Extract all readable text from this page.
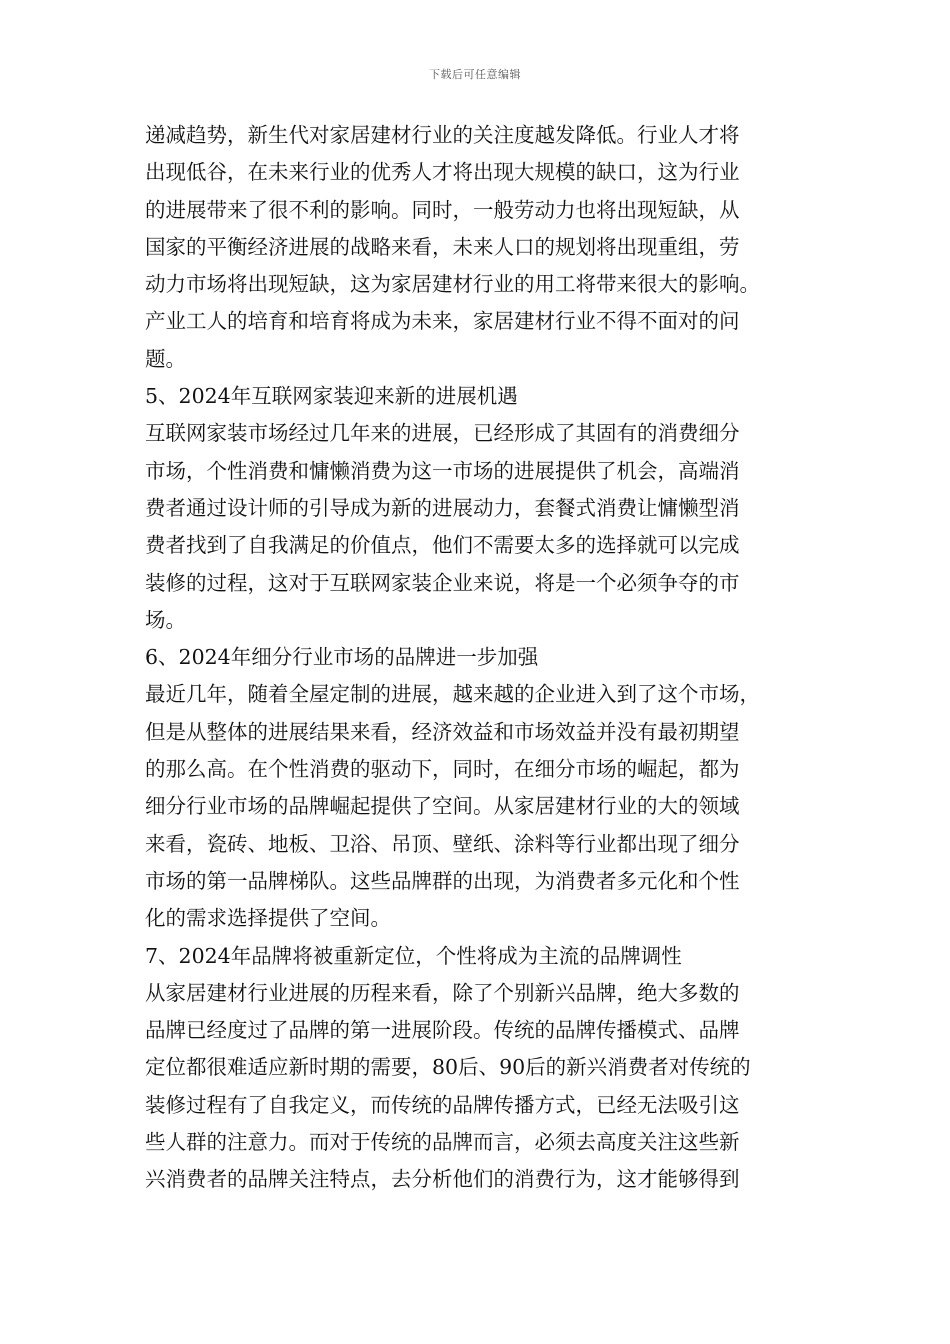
下载后可任意编辑
递减趋势，新生代对家居建材行业的关注度越发降低。行业人才将
出现低谷，在未来行业的优秀人才将出现大规模的缺口，这为行业
的进展带来了很不利的影响。同时，一般劳动力也将出现短缺，从
国家的平衡经济进展的战略来看，未来人口的规划将出现重组，劳
动力市场将出现短缺，这为家居建材行业的用工将带来很大的影响。
产业工人的培育和培育将成为未来，家居建材行业不得不面对的问
题。
5、2024年互联网家装迎来新的进展机遇
互联网家装市场经过几年来的进展，已经形成了其固有的消费细分
市场，个性消费和慵懒消费为这一市场的进展提供了机会，高端消
费者通过设计师的引导成为新的进展动力，套餐式消费让慵懒型消
费者找到了自我满足的价值点，他们不需要太多的选择就可以完成
装修的过程，这对于互联网家装企业来说，将是一个必须争夺的市
场。
6、2024年细分行业市场的品牌进一步加强
最近几年，随着全屋定制的进展，越来越的企业进入到了这个市场，
但是从整体的进展结果来看，经济效益和市场效益并没有最初期望
的那么高。在个性消费的驱动下，同时，在细分市场的崛起，都为
细分行业市场的品牌崛起提供了空间。从家居建材行业的大的领域
来看，瓷砖、地板、卫浴、吊顶、壁纸、涂料等行业都出现了细分
市场的第一品牌梯队。这些品牌群的出现，为消费者多元化和个性
化的需求选择提供了空间。
7、2024年品牌将被重新定位，个性将成为主流的品牌调性
从家居建材行业进展的历程来看，除了个别新兴品牌，绝大多数的
品牌已经度过了品牌的第一进展阶段。传统的品牌传播模式、品牌
定位都很难适应新时期的需要，80后、90后的新兴消费者对传统的
装修过程有了自我定义，而传统的品牌传播方式，已经无法吸引这
些人群的注意力。而对于传统的品牌而言，必须去高度关注这些新
兴消费者的品牌关注特点，去分析他们的消费行为，这才能够得到
